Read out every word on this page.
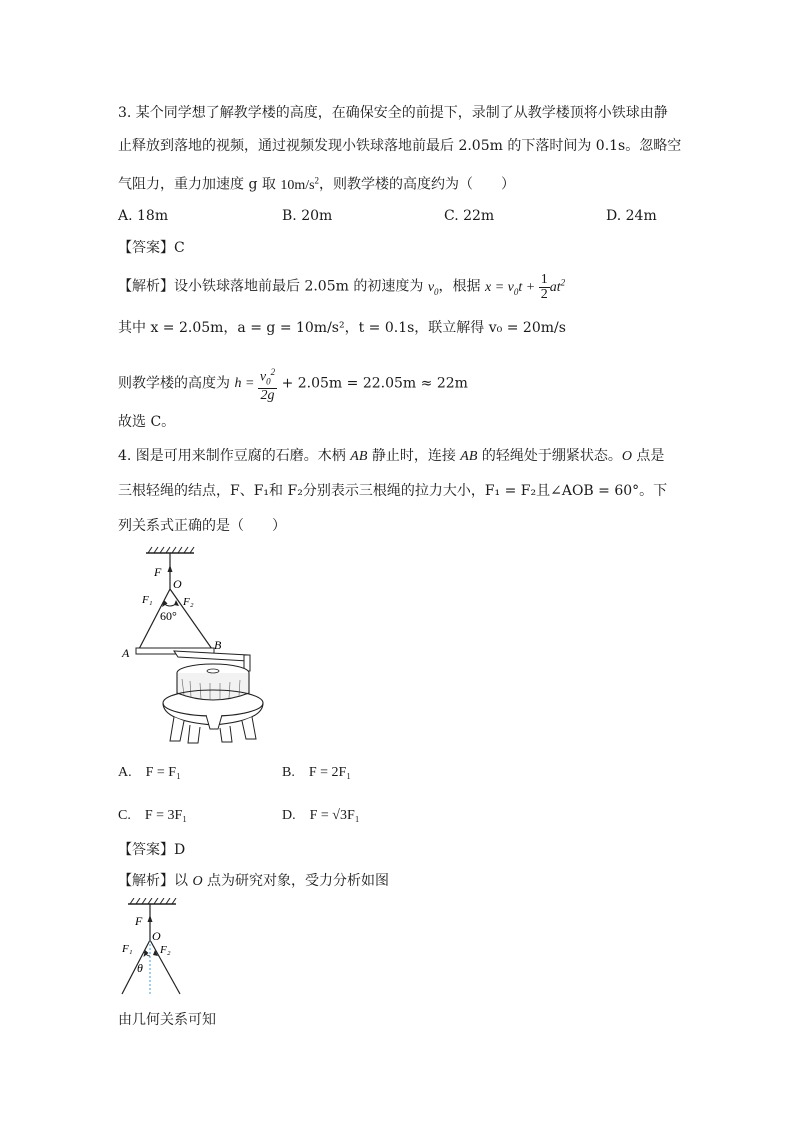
3. 某个同学想了解教学楼的高度，在确保安全的前提下，录制了从教学楼顶将小铁球由静
止释放到落地的视频，通过视频发现小铁球落地前最后 2.05m 的下落时间为 0.1s。忽略空
气阻力，重力加速度 g 取 $10m/s^2$，则教学楼的高度约为（　　）
A. 18m	B. 20m	C. 22m	D. 24m
【答案】C
【解析】设小铁球落地前最后 2.05m 的初速度为 $v_0$，根据 $x = v_0t + \frac{1}{2} at^2$
其中 x = 2.05m，a = g = 10m/s²，t = 0.1s，联立解得 v₀ = 20m/s
则教学楼的高度为 $h = \frac{v_0^2}{2g} + 2.05m = 22.05m \approx 22m$
故选 C。
4. 图是可用来制作豆腐的石磨。木柄 AB 静止时，连接 AB 的轻绳处于绷紧状态。O 点是
三根轻绳的结点，F、F₁和 F₂分别表示三根绳的拉力大小，F₁ = F₂且∠AOB = 60°。下
列关系式正确的是（　　）
F
O
F₁	F₂
60°
A
B
A.　F = F₁	B.　F = 2F₁
C.　F = 3F₁	D.　F = √3F₁
【答案】D
【解析】以 O 点为研究对象，受力分析如图
F
O
F₁ F₂
θ
由几何关系可知
